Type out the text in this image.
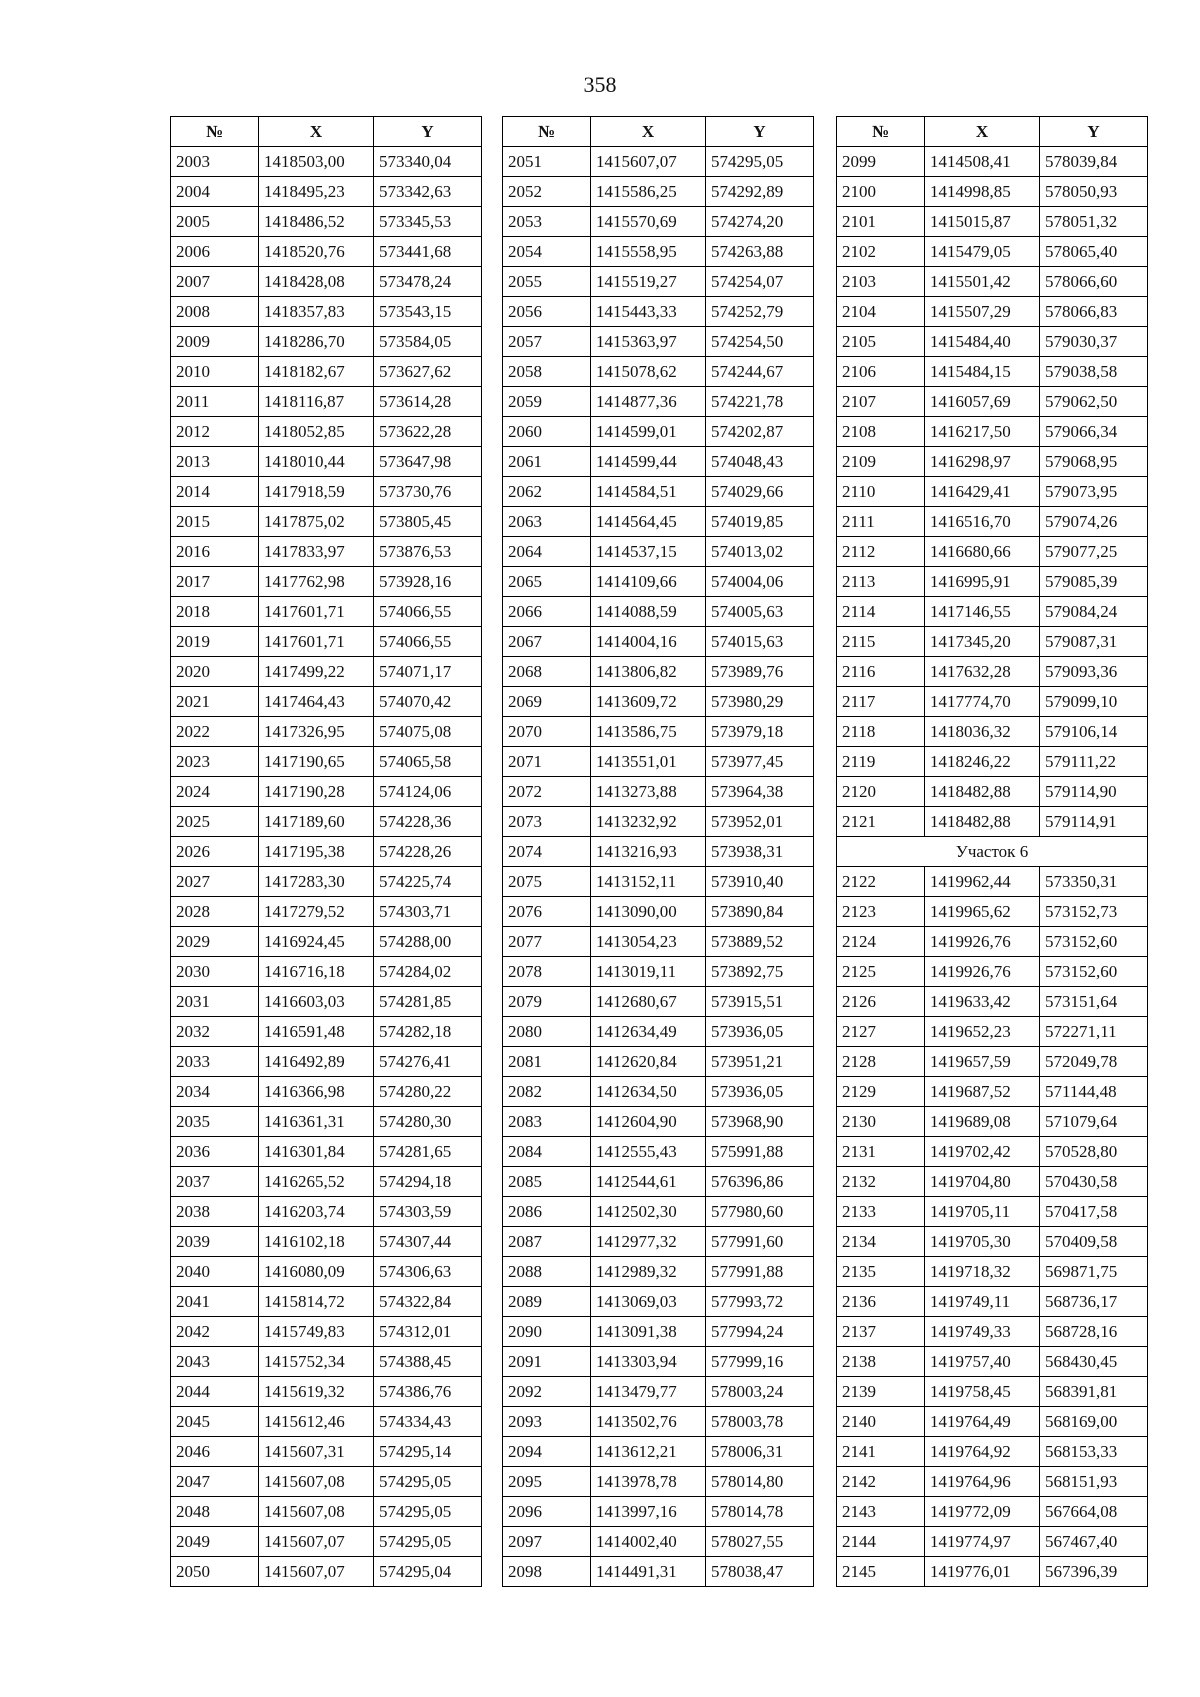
358
№	X	Y
2003	1418503,00	573340,04
2004	1418495,23	573342,63
2005	1418486,52	573345,53
2006	1418520,76	573441,68
2007	1418428,08	573478,24
2008	1418357,83	573543,15
2009	1418286,70	573584,05
2010	1418182,67	573627,62
2011	1418116,87	573614,28
2012	1418052,85	573622,28
2013	1418010,44	573647,98
2014	1417918,59	573730,76
2015	1417875,02	573805,45
2016	1417833,97	573876,53
2017	1417762,98	573928,16
2018	1417601,71	574066,55
2019	1417601,71	574066,55
2020	1417499,22	574071,17
2021	1417464,43	574070,42
2022	1417326,95	574075,08
2023	1417190,65	574065,58
2024	1417190,28	574124,06
2025	1417189,60	574228,36
2026	1417195,38	574228,26
2027	1417283,30	574225,74
2028	1417279,52	574303,71
2029	1416924,45	574288,00
2030	1416716,18	574284,02
2031	1416603,03	574281,85
2032	1416591,48	574282,18
2033	1416492,89	574276,41
2034	1416366,98	574280,22
2035	1416361,31	574280,30
2036	1416301,84	574281,65
2037	1416265,52	574294,18
2038	1416203,74	574303,59
2039	1416102,18	574307,44
2040	1416080,09	574306,63
2041	1415814,72	574322,84
2042	1415749,83	574312,01
2043	1415752,34	574388,45
2044	1415619,32	574386,76
2045	1415612,46	574334,43
2046	1415607,31	574295,14
2047	1415607,08	574295,05
2048	1415607,08	574295,05
2049	1415607,07	574295,05
2050	1415607,07	574295,04
№	X	Y
2051	1415607,07	574295,05
2052	1415586,25	574292,89
2053	1415570,69	574274,20
2054	1415558,95	574263,88
2055	1415519,27	574254,07
2056	1415443,33	574252,79
2057	1415363,97	574254,50
2058	1415078,62	574244,67
2059	1414877,36	574221,78
2060	1414599,01	574202,87
2061	1414599,44	574048,43
2062	1414584,51	574029,66
2063	1414564,45	574019,85
2064	1414537,15	574013,02
2065	1414109,66	574004,06
2066	1414088,59	574005,63
2067	1414004,16	574015,63
2068	1413806,82	573989,76
2069	1413609,72	573980,29
2070	1413586,75	573979,18
2071	1413551,01	573977,45
2072	1413273,88	573964,38
2073	1413232,92	573952,01
2074	1413216,93	573938,31
2075	1413152,11	573910,40
2076	1413090,00	573890,84
2077	1413054,23	573889,52
2078	1413019,11	573892,75
2079	1412680,67	573915,51
2080	1412634,49	573936,05
2081	1412620,84	573951,21
2082	1412634,50	573936,05
2083	1412604,90	573968,90
2084	1412555,43	575991,88
2085	1412544,61	576396,86
2086	1412502,30	577980,60
2087	1412977,32	577991,60
2088	1412989,32	577991,88
2089	1413069,03	577993,72
2090	1413091,38	577994,24
2091	1413303,94	577999,16
2092	1413479,77	578003,24
2093	1413502,76	578003,78
2094	1413612,21	578006,31
2095	1413978,78	578014,80
2096	1413997,16	578014,78
2097	1414002,40	578027,55
2098	1414491,31	578038,47
№	X	Y
2099	1414508,41	578039,84
2100	1414998,85	578050,93
2101	1415015,87	578051,32
2102	1415479,05	578065,40
2103	1415501,42	578066,60
2104	1415507,29	578066,83
2105	1415484,40	579030,37
2106	1415484,15	579038,58
2107	1416057,69	579062,50
2108	1416217,50	579066,34
2109	1416298,97	579068,95
2110	1416429,41	579073,95
2111	1416516,70	579074,26
2112	1416680,66	579077,25
2113	1416995,91	579085,39
2114	1417146,55	579084,24
2115	1417345,20	579087,31
2116	1417632,28	579093,36
2117	1417774,70	579099,10
2118	1418036,32	579106,14
2119	1418246,22	579111,22
2120	1418482,88	579114,90
2121	1418482,88	579114,91
Участок 6		
2122	1419962,44	573350,31
2123	1419965,62	573152,73
2124	1419926,76	573152,60
2125	1419926,76	573152,60
2126	1419633,42	573151,64
2127	1419652,23	572271,11
2128	1419657,59	572049,78
2129	1419687,52	571144,48
2130	1419689,08	571079,64
2131	1419702,42	570528,80
2132	1419704,80	570430,58
2133	1419705,11	570417,58
2134	1419705,30	570409,58
2135	1419718,32	569871,75
2136	1419749,11	568736,17
2137	1419749,33	568728,16
2138	1419757,40	568430,45
2139	1419758,45	568391,81
2140	1419764,49	568169,00
2141	1419764,92	568153,33
2142	1419764,96	568151,93
2143	1419772,09	567664,08
2144	1419774,97	567467,40
2145	1419776,01	567396,39
